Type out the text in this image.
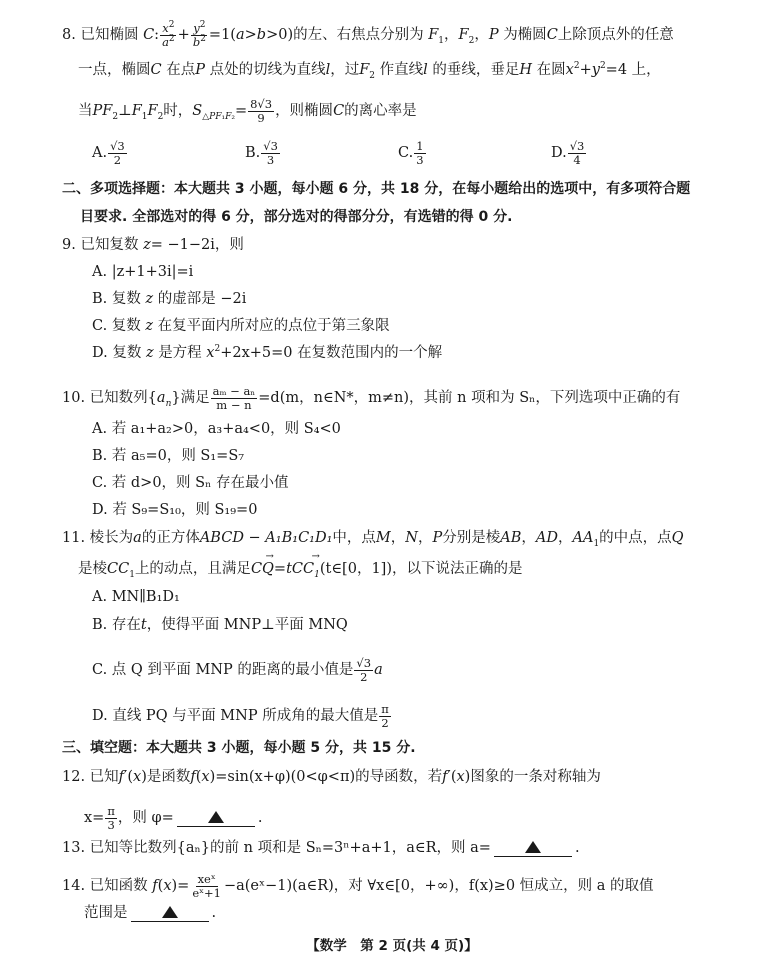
8. 已知椭圆 C: $\frac{x^2}{a^2} + \frac{y^2}{b^2} =1(a>b>0)$的左、右焦点分别为 $F_1$，$F_2$，P 为椭圆C上除顶点外的任意
一点，椭圆C 在点P 点处的切线为直线l，过$F_2$ 作直线l 的垂线，垂足H 在圆$x^2+y^2=4$ 上，
当$PF_2\perp F_1F_2$时，$S_{\triangle PF_1F_2}= \frac{8√3}{9}$ ，则椭圆C的离心率是
A. $\frac{√3}{2}$	B. $\frac{√3}{3}$	C. $\frac{1}{3}$	D. $\frac{√3}{4}$
二、多项选择题：本大题共 3 小题，每小题 6 分，共 18 分，在每小题给出的选项中，有多项符合题
目要求. 全部选对的得 6 分，部分选对的得部分分，有选错的得 0 分.
9. 已知复数 z= −1−2i，则
A. |z+1+3i|=i
B. 复数 z 的虚部是 −2i
C. 复数 z 在复平面内所对应的点位于第三象限
D. 复数 z 是方程 $x^2+2x+5=0$ 在复数范围内的一个解
10. 已知数列$\{a_n\}$满足 $\frac{\text{aₘ − aₙ}}{m - n} =d(m$，n∈N*，m≠n)，其前 n 项和为 Sₙ，下列选项中正确的有
A. 若 a₁+a₂>0，a₃+a₄<0，则 S₄<0
B. 若 a₅=0，则 S₁=S₇
C. 若 d>0，则 Sₙ 存在最小值
D. 若 S₉=S₁₀，则 S₁₉=0
11. 棱长为a的正方体ABCD − A₁B₁C₁D₁中，点M，N，P分别是棱AB，AD，$AA_1$的中点，点Q
是棱$CC_1$上的动点，且满足→ $CQ=t\to CC_1(t\in[0$，1])，以下说法正确的是
A. MN∥B₁D₁
B. 存在t，使得平面 MNP⊥平面 MNQ
C. 点 Q 到平面 MNP 的距离的最小值是 $\frac{√3}{2}$ a
D. 直线 PQ 与平面 MNP 所成角的最大值是 $\frac{\pi}{2}$
三、填空题：本大题共 3 小题，每小题 5 分，共 15 分.
12. 已知f′(x)是函数f(x)=sin(x+φ)(0<φ<π)的导函数，若f′(x)图象的一条对称轴为
$x= \frac{\pi}{3}$ ，则 φ=	.
13. 已知等比数列{aₙ}的前 n 项和是 Sₙ=3ⁿ+a+1，a∈R，则 a=	.
14. 已知函数 $f(x)= \frac{\text{xeˣ}}{\text{eˣ+1}}$ −a(eˣ−1)(a∈R)，对 ∀x∈[0，+∞)，f(x)≥0 恒成立，则 a 的取值
范围是	.
【数学　第 2 页(共 4 页)】
